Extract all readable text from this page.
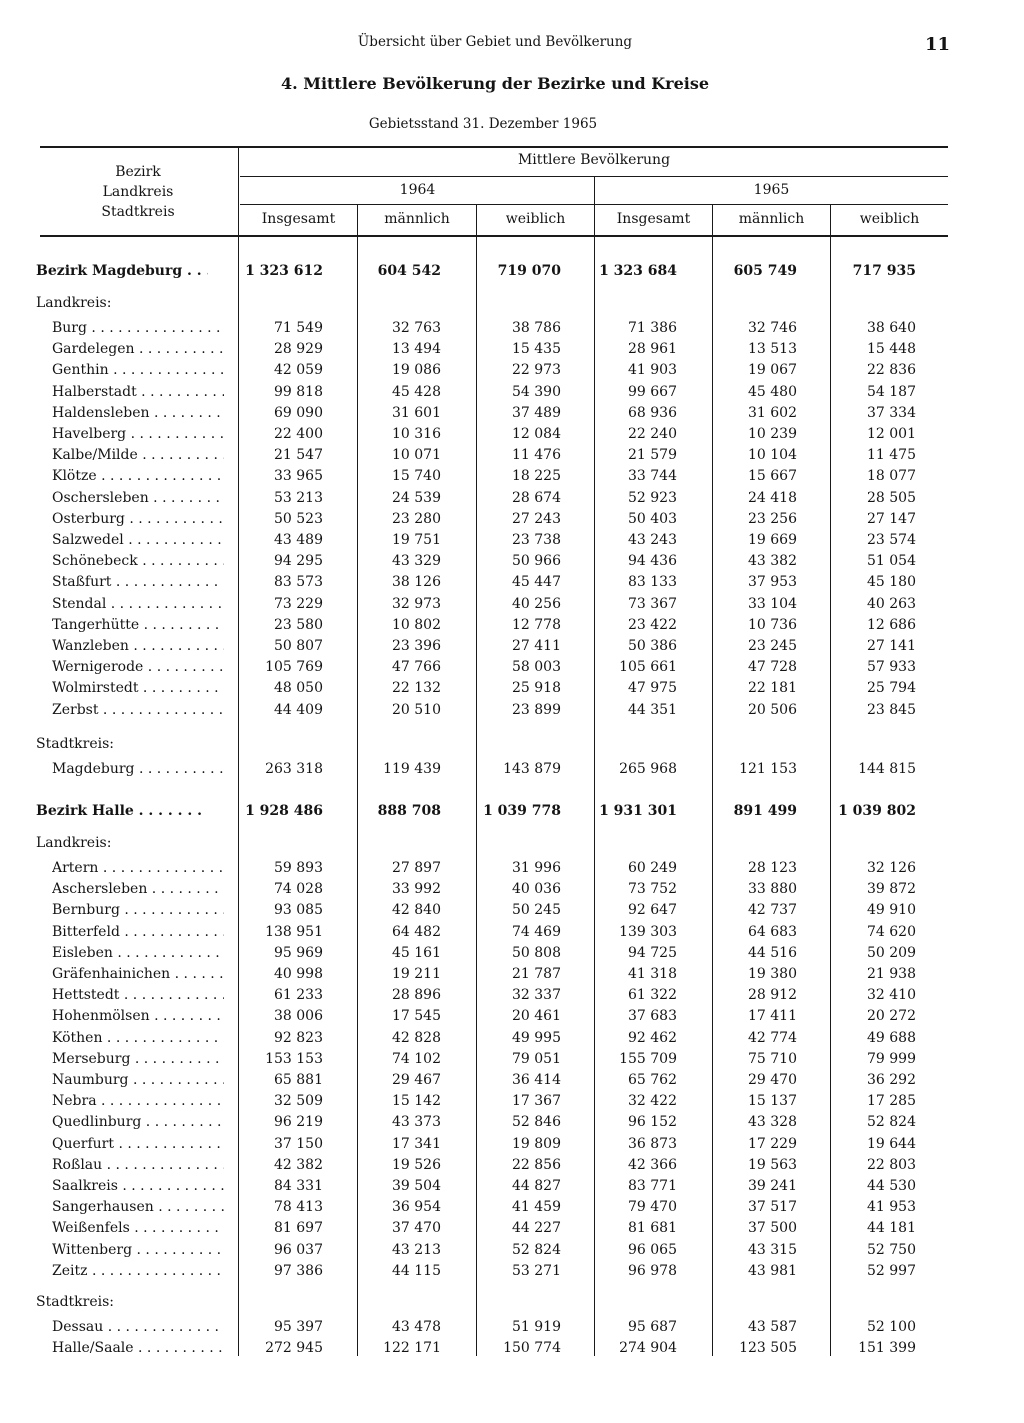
Übersicht über Gebiet und Bevölkerung	11
4. Mittlere Bevölkerung der Bezirke und Kreise
Gebietsstand 31. Dezember 1965
Bezirk
Landkreis
Stadtkreis
Mittlere Bevölkerung
1964	1965
Insgesamt	männlich	weiblich	Insgesamt	männlich	weiblich
Bezirk Magdeburg . . .	1 323 612	604 542	719 070	1 323 684	605 749	717 935
Landkreis:
Burg . . .	71 549	32 763	38 786	71 386	32 746	38 640
Gardelegen . . .	28 929	13 494	15 435	28 961	13 513	15 448
Genthin . . .	42 059	19 086	22 973	41 903	19 067	22 836
Halberstadt . . .	99 818	45 428	54 390	99 667	45 480	54 187
Haldensleben . . .	69 090	31 601	37 489	68 936	31 602	37 334
Havelberg . . .	22 400	10 316	12 084	22 240	10 239	12 001
Kalbe/Milde . . .	21 547	10 071	11 476	21 579	10 104	11 475
Klötze . . .	33 965	15 740	18 225	33 744	15 667	18 077
Oschersleben . . .	53 213	24 539	28 674	52 923	24 418	28 505
Osterburg . . .	50 523	23 280	27 243	50 403	23 256	27 147
Salzwedel . . .	43 489	19 751	23 738	43 243	19 669	23 574
Schönebeck . . .	94 295	43 329	50 966	94 436	43 382	51 054
Staßfurt . . .	83 573	38 126	45 447	83 133	37 953	45 180
Stendal . . .	73 229	32 973	40 256	73 367	33 104	40 263
Tangerhütte . . .	23 580	10 802	12 778	23 422	10 736	12 686
Wanzleben . . .	50 807	23 396	27 411	50 386	23 245	27 141
Wernigerode . . .	105 769	47 766	58 003	105 661	47 728	57 933
Wolmirstedt . . .	48 050	22 132	25 918	47 975	22 181	25 794
Zerbst . . .	44 409	20 510	23 899	44 351	20 506	23 845
Stadtkreis:
Magdeburg . . .	263 318	119 439	143 879	265 968	121 153	144 815
Bezirk Halle . . .	1 928 486	888 708	1 039 778	1 931 301	891 499	1 039 802
Landkreis:
Artern . . .	59 893	27 897	31 996	60 249	28 123	32 126
Aschersleben . . .	74 028	33 992	40 036	73 752	33 880	39 872
Bernburg . . .	93 085	42 840	50 245	92 647	42 737	49 910
Bitterfeld . . .	138 951	64 482	74 469	139 303	64 683	74 620
Eisleben . . .	95 969	45 161	50 808	94 725	44 516	50 209
Gräfenhainichen . . .	40 998	19 211	21 787	41 318	19 380	21 938
Hettstedt . . .	61 233	28 896	32 337	61 322	28 912	32 410
Hohenmölsen . . .	38 006	17 545	20 461	37 683	17 411	20 272
Köthen . . .	92 823	42 828	49 995	92 462	42 774	49 688
Merseburg . . .	153 153	74 102	79 051	155 709	75 710	79 999
Naumburg . . .	65 881	29 467	36 414	65 762	29 470	36 292
Nebra . . .	32 509	15 142	17 367	32 422	15 137	17 285
Quedlinburg . . .	96 219	43 373	52 846	96 152	43 328	52 824
Querfurt . . .	37 150	17 341	19 809	36 873	17 229	19 644
Roßlau . . .	42 382	19 526	22 856	42 366	19 563	22 803
Saalkreis . . .	84 331	39 504	44 827	83 771	39 241	44 530
Sangerhausen . . .	78 413	36 954	41 459	79 470	37 517	41 953
Weißenfels . . .	81 697	37 470	44 227	81 681	37 500	44 181
Wittenberg . . .	96 037	43 213	52 824	96 065	43 315	52 750
Zeitz . . .	97 386	44 115	53 271	96 978	43 981	52 997
Stadtkreis:
Dessau . . .	95 397	43 478	51 919	95 687	43 587	52 100
Halle/Saale . . .	272 945	122 171	150 774	274 904	123 505	151 399
